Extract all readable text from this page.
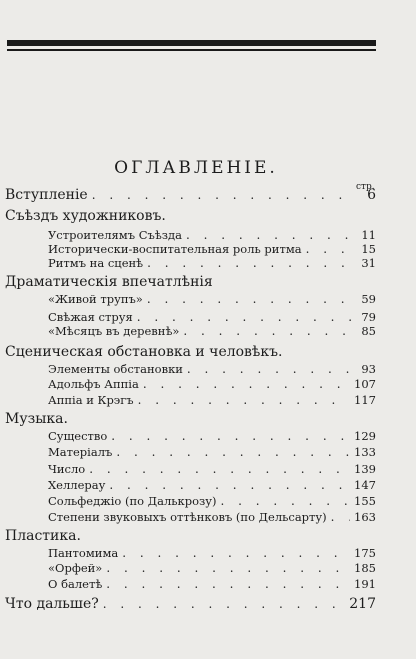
ОГЛАВЛЕНІЕ.
стр.
Вступленіе . . .	6
Съѣздъ художниковъ.
Устрoителямъ Съѣзда . . .	11
Исторически-воспитательная роль ритма . . .	15
Ритмъ на сценѣ . . .	31
Драматическія впечатлѣнія
«Живой трупъ» . . .	59
Свѣжая струя . . .	79
«Мѣсяцъ въ деревнѣ» . . .	85
Сценическая обстановка и человѣкъ.
Элементы обстановки . . .	93
Адольфъ Аппіа . . .	107
Аппіа и Крэгъ . . .	117
Музыка.
Существо . . .	129
Матеріалъ . . .	133
Число . . .	139
Хеллерау . . .	147
Сольфеджіо (по Далькрозу) . . .	155
Степени звуковыхъ оттѣнковъ (по Дельсарту) . . . 163
Пластика.
Пантомима . . .	175
«Орфей» . . .	185
О балетѣ . . .	191
Что дальше? . . .	217
